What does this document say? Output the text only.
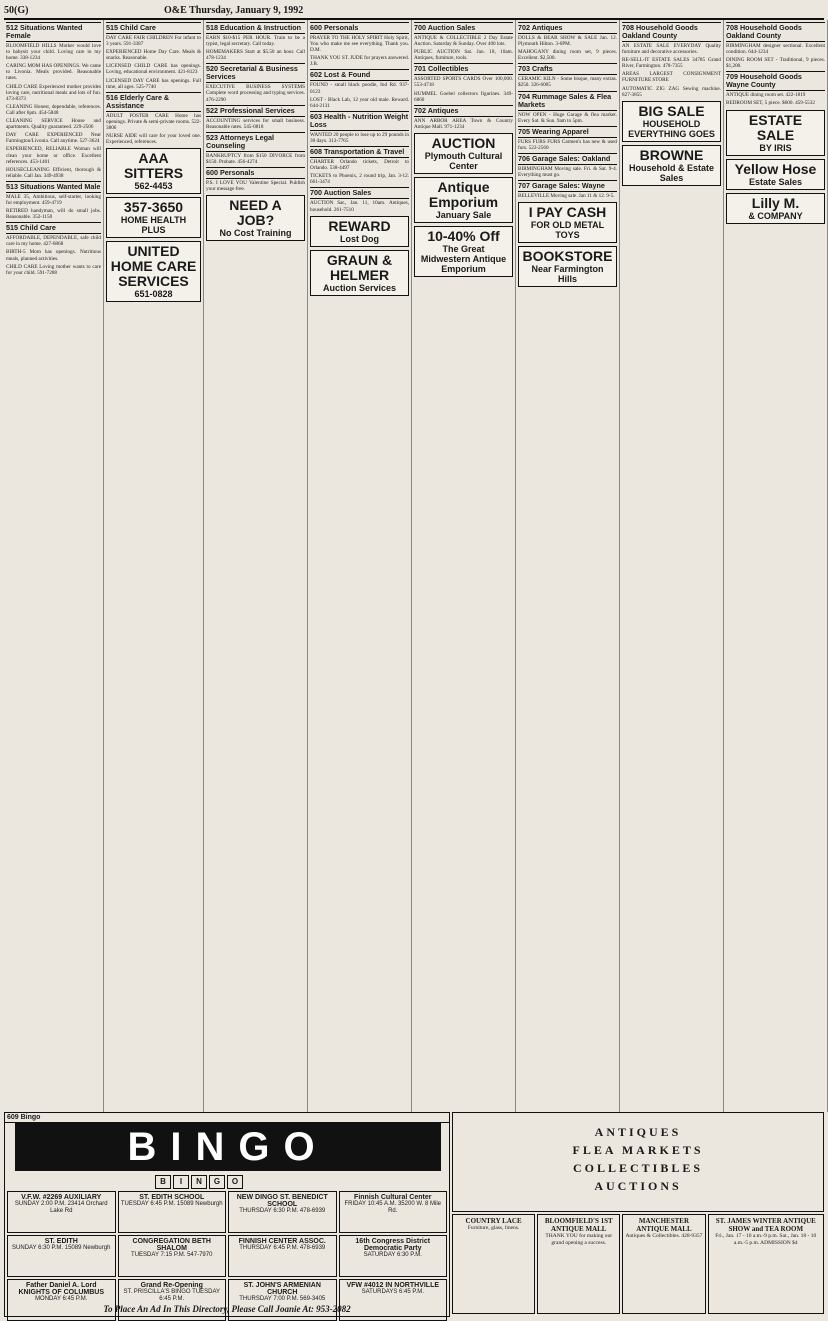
50(G)	O&E Thursday, January 9, 1992
512 Situations Wanted Female
BLOOMFIELD HILLS Mother would love to babysit your child. Loving care in my home. 338-1234
CARING MOM HAS OPENINGS. We came to Livonia. Meals provided. Reasonable rates.
CHILD CARE Experienced mother provides loving care, nutritional meals and lots of fun. 473-8373
CLEANING Honest, dependable, references. Call after 6pm. 454-5848
CLEANING SERVICE House and apartments. Quality guaranteed. 229-2506
DAY CARE EXPERIENCED Near Farmington/Livonia. Call anytime. 527-3624
EXPERIENCED, RELIABLE Woman will clean your home or office. Excellent references. 453-1401
HOUSECLEANING Efficient, thorough & reliable. Call Jan. 349-4938
513 Situations Wanted Male
MALE 35, Ambitious, self-starter, looking for employment. 459-4719
RETIRED handyman, will do small jobs. Reasonable. 352-1150
515 Child Care
AFFORDABLE, DEPENDABLE, safe child care in my home. 427-6868
BIRTH-5 Mom has openings. Nutritious meals, planned activities.
CHILD CARE Loving mother wants to care for your child. 591-7288
515 Child Care
DAY CARE FAIR CHILDREN For infant to 3 years. 591-3387
EXPERIENCED Home Day Care. Meals & snacks. Reasonable.
LICENSED CHILD CARE has openings. Loving, educational environment. 421-8123
LICENSED DAY CARE has openings. Full time, all ages. 525-7740
516 Elderly Care & Assistance
ADULT FOSTER CARE Home has openings. Private & semi-private rooms. 522-3806
NURSE AIDE will care for your loved one. Experienced, references.
AAA SITTERS
562-4453
357-3650
HOME HEALTH PLUS
UNITED HOME CARE SERVICES
651-0828
518 Education & Instruction
EARN $10-$15 PER HOUR. Train to be a typist, legal secretary. Call today.
HOMEMAKERS Start at $5.50 an hour. Call 478-1234
520 Secretarial & Business Services
EXECUTIVE BUSINESS SYSTEMS Complete word processing and typing services. 476-2290
522 Professional Services
ACCOUNTING services for small business. Reasonable rates. 545-0818
523 Attorneys Legal Counseling
BANKRUPTCY from $150 DIVORCE from $150. Probate. 456-4274
600 Personals
P.S. I LOVE YOU Valentine Special. Publish your message free.
NEED A JOB?
No Cost Training
600 Personals
PRAYER TO THE HOLY SPIRIT Holy Spirit, You who make me see everything. Thank you. D.M.
THANK YOU ST. JUDE for prayers answered. J.B.
602 Lost & Found
FOUND - small black poodle, Ind Rd. 937-0123
LOST - Black Lab, 12 year old male. Reward. 644-2131
603 Health - Nutrition Weight Loss
WANTED 20 people to lose up to 29 pounds in 30 days. 313-7765
608 Transportation & Travel
CHARTER Orlando tickets, Detroit to Orlando. 538-4497
TICKETS to Phoenix, 2 round trip, Jan. 3-12. 661-3474
700 Auction Sales
AUCTION Sat., Jan. 11, 10am. Antiques, household. 261-7510
REWARD
Lost Dog
GRAUN & HELMER
Auction Services
700 Auction Sales
ANTIQUE & COLLECTIBLE 2 Day Estate Auction. Saturday & Sunday. Over 400 lots.
PUBLIC AUCTION Sat. Jan. 18, 10am. Antiques, furniture, tools.
701 Collectibles
ASSORTED SPORTS CARDS Over 100,000. 553-4718
HUMMEL Goebel collectors figurines. 349-6860
702 Antiques
ANN ARBOR AREA Town & Country Antique Mall. 971-1234
AUCTION
Plymouth Cultural Center
Antique Emporium
January Sale
10-40% Off
The Great Midwestern Antique Emporium
702 Antiques
DOLLS & BEAR SHOW & SALE Jan. 12. Plymouth Hilton. 3-6PM.
MAHOGANY dining room set, 9 pieces. Excellent. $2,500.
703 Crafts
CERAMIC KILN - Some bisque, many extras. $250. 326-6005
704 Rummage Sales & Flea Markets
NOW OPEN - Huge Garage & flea market. Every Sat. & Sun. 9am to 5pm.
705 Wearing Apparel
FURS FURS FURS Carmen's has new & used furs. 522-2560
706 Garage Sales: Oakland
BIRMINGHAM Moving sale. Fri. & Sat. 9-4. Everything must go.
707 Garage Sales: Wayne
BELLEVILLE Moving sale. Jan 11 & 12. 9-5.
I PAY CASH
FOR OLD METAL TOYS
BOOKSTORE
Near Farmington Hills
708 Household Goods Oakland County
AN ESTATE SALE EVERYDAY Quality furniture and decorative accessories.
RE-SELL-IT ESTATE SALES 34785 Grand River, Farmington. 478-7355
AREAS LARGEST CONSIGNMENT FURNITURE STORE
AUTOMATIC ZIG ZAG Sewing machine. 827-3855
BIG SALE
HOUSEHOLD EVERYTHING GOES
BROWNE
Household & Estate Sales
708 Household Goods Oakland County
BIRMINGHAM designer sectional. Excellent condition. 644-1234
DINING ROOM SET - Traditional, 9 pieces. $1,200.
709 Household Goods Wayne County
ANTIQUE dining room set. 422-1819
BEDROOM SET, 5 piece. $600. 459-5532
ESTATE SALE
BY IRIS
Yellow Hose
Estate Sales
Lilly M.
& COMPANY
609 Bingo
BINGO
B	I	N	G	O
V.F.W. #2269 AUXILIARY
SUNDAY 2:00 P.M. 23414 Orchard Lake Rd
ST. EDITH SCHOOL
TUESDAY 6:45 P.M. 15089 Newburgh
NEW DINGO ST. BENEDICT SCHOOL
THURSDAY 6:30 P.M. 478-6939
Finnish Cultural Center
FRIDAY 10:45 A.M. 35200 W. 8 Mile Rd.
ST. EDITH
SUNDAY 6:30 P.M. 15089 Newburgh
CONGREGATION BETH SHALOM
TUESDAY 7:15 P.M. 547-7970
FINNISH CENTER ASSOC.
THURSDAY 6:45 P.M. 478-6939
16th Congress District Democratic Party
SATURDAY 6:30 P.M.
Father Daniel A. Lord KNIGHTS OF COLUMBUS
MONDAY 6:45 P.M.
Grand Re-Opening
ST. PRISCILLA'S BINGO TUESDAY 6:45 P.M.
ST. JOHN'S ARMENIAN CHURCH
THURSDAY 7:00 P.M. 569-3405
VFW #4012 IN NORTHVILLE
SATURDAYS 6:45 P.M.
To Place An Ad In This Directory, Please Call Joanie At: 953-2082
ANTIQUES
FLEA MARKETS
COLLECTIBLES
AUCTIONS
COUNTRY LACE
Furniture, glass, linens.
BLOOMFIELD'S 1ST ANTIQUE MALL
THANK YOU for making our grand opening a success.
MANCHESTER ANTIQUE MALL
Antiques & Collectibles. 428-9357
ST. JAMES WINTER ANTIQUE SHOW and TEA ROOM
Fri., Jan. 17 - 10 a.m.-9 p.m. Sat., Jan. 18 - 10 a.m.-5 p.m. ADMISSION $4
